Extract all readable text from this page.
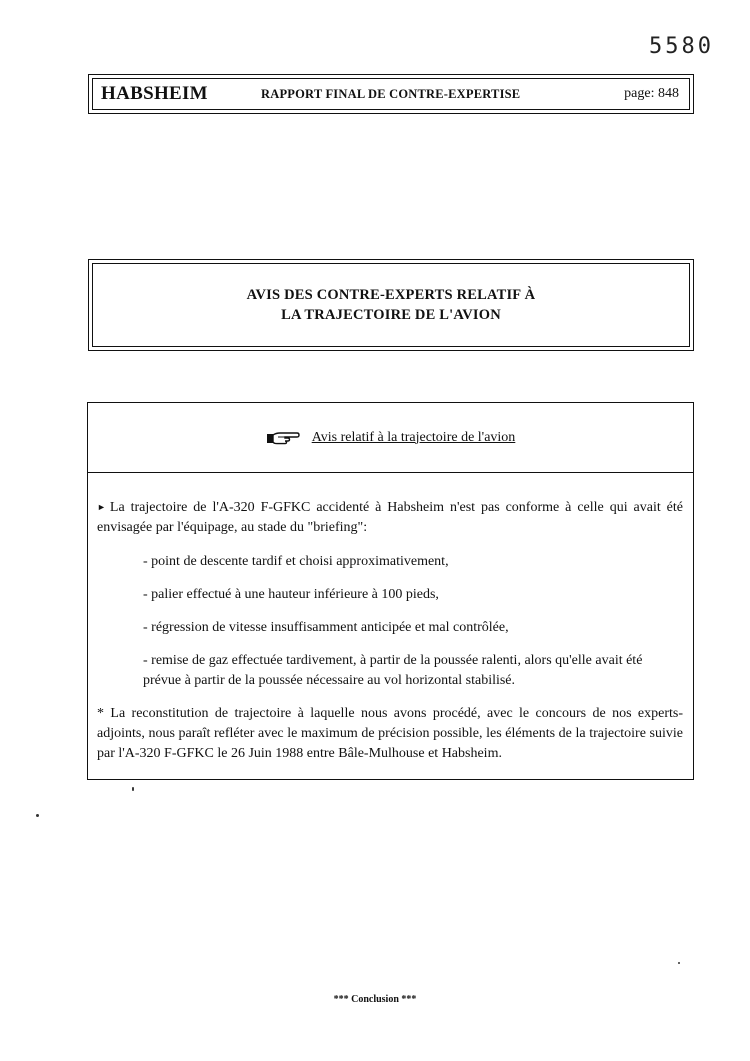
5580
HABSHEIM	RAPPORT FINAL DE CONTRE-EXPERTISE	page: 848
AVIS DES CONTRE-EXPERTS RELATIF À
LA TRAJECTOIRE DE L'AVION
Avis relatif à la trajectoire de l'avion

► La trajectoire de l'A-320 F-GFKC accidenté à Habsheim n'est pas conforme à celle qui avait été envisagée par l'équipage, au stade du "briefing":

- point de descente tardif et choisi approximativement,

- palier effectué à une hauteur inférieure à 100 pieds,

- régression de vitesse insuffisamment anticipée et mal contrôlée,

- remise de gaz effectuée tardivement, à partir de la poussée ralenti, alors qu'elle avait été prévue à partir de la poussée nécessaire au vol horizontal stabilisé.

* La reconstitution de trajectoire à laquelle nous avons procédé, avec le concours de nos experts-adjoints, nous paraît refléter avec le maximum de précision possible, les éléments de la trajectoire suivie par l'A-320 F-GFKC le 26 Juin 1988 entre Bâle-Mulhouse et Habsheim.

*** Conclusion ***
